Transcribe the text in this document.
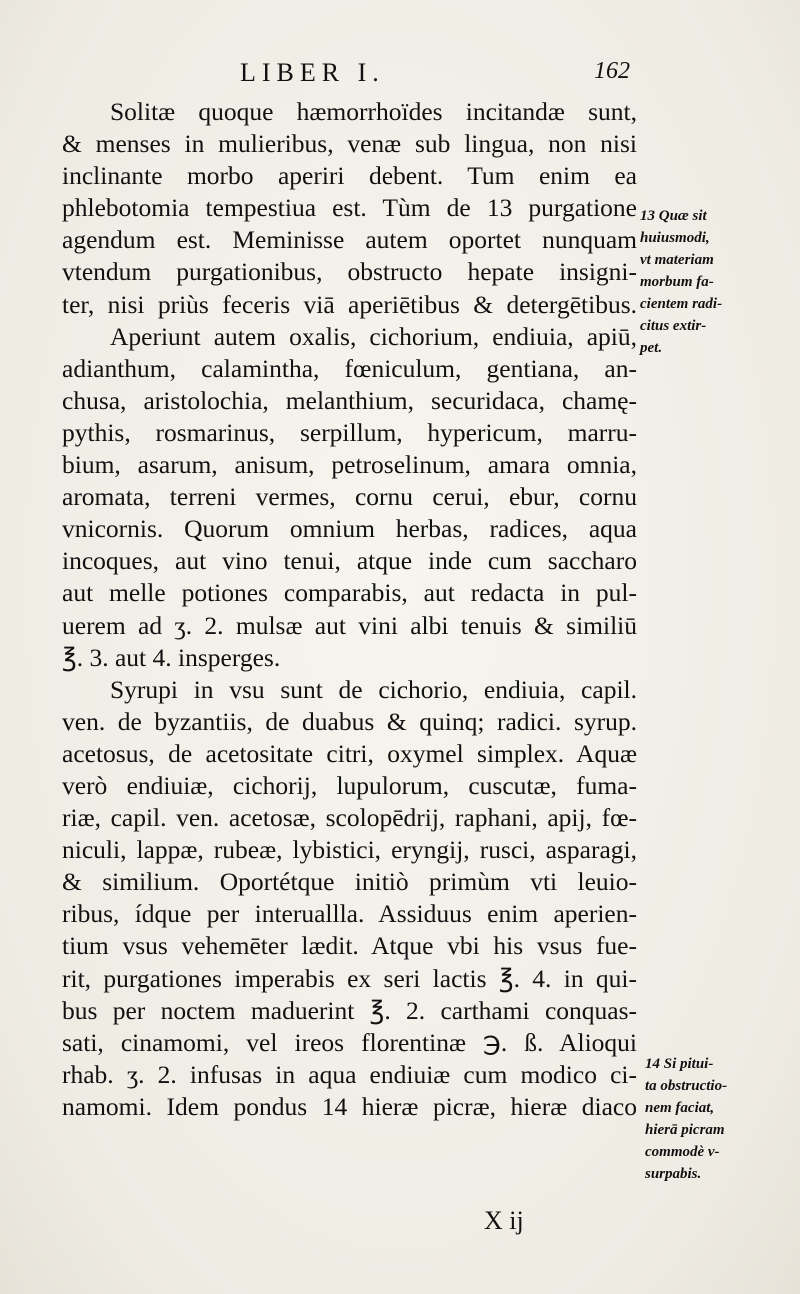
LIBER I.	162
Solitæ quoque hæmorrhoïdes incitandæ sunt,
& menses in mulieribus, venæ sub lingua, non nisi
inclinante morbo aperiri debent. Tum enim ea
phlebotomia tempestiua est. Tùm de 13 purgatione
agendum est. Meminisse autem oportet nunquam
vtendum purgationibus, obstructo hepate insigni-
ter, nisi priùs feceris viā aperiētibus & detergētibus.
Aperiunt autem oxalis, cichorium, endiuia, apiū,
adianthum, calamintha, fœniculum, gentiana, an-
chusa, aristolochia, melanthium, securidaca, chamę-
pythis, rosmarinus, serpillum, hypericum, marru-
bium, asarum, anisum, petroselinum, amara omnia,
aromata, terreni vermes, cornu cerui, ebur, cornu
vnicornis. Quorum omnium herbas, radices, aqua
incoques, aut vino tenui, atque inde cum sacchаro
aut melle potiones comparabis, aut redacta in pul-
uerem ad ʒ. 2. mulsæ aut vini albi tenuis & similiū
℥. 3. aut 4. insperges.
Syrupi in vsu sunt de cichorio, endiuia, capil.
ven. de byzantiis, de duabus & quinq; radici. syrup.
acetosus, de acetositate citri, oxymel simplex. Aquæ
verò endiuiæ, cichorij, lupulorum, cuscutæ, fuma-
riæ, capil. ven. acetosæ, scolopēdrij, raphani, apij, fœ-
niculi, lappæ, rubeæ, lybistici, eryngij, rusci, asparagi,
& similium. Oportétque initiò primùm vti leuio-
ribus, ídque per interuallla. Assiduus enim aperien-
tium vsus vehemēter lædit. Atque vbi his vsus fue-
rit, purgationes imperabis ex seri lactis ℥. 4. in qui-
bus per noctem maduerint ℥. 2. carthami conquas-
sati, cinamomi, vel ireos florentinæ ℈. ß. Alioqui
rhab. ʒ. 2. infusas in aqua endiuiæ cum modico ci-
namomi. Idem pondus 14 hieræ picræ, hieræ diaco
13 Quæ sit
huiusmodi,
vt materiam
morbum fa-
cientem radi-
citus extir-
pet.
14 Si pitui-
ta obstructio-
nem faciat,
hierā picram
commodè v-
surpabis.
X ij
